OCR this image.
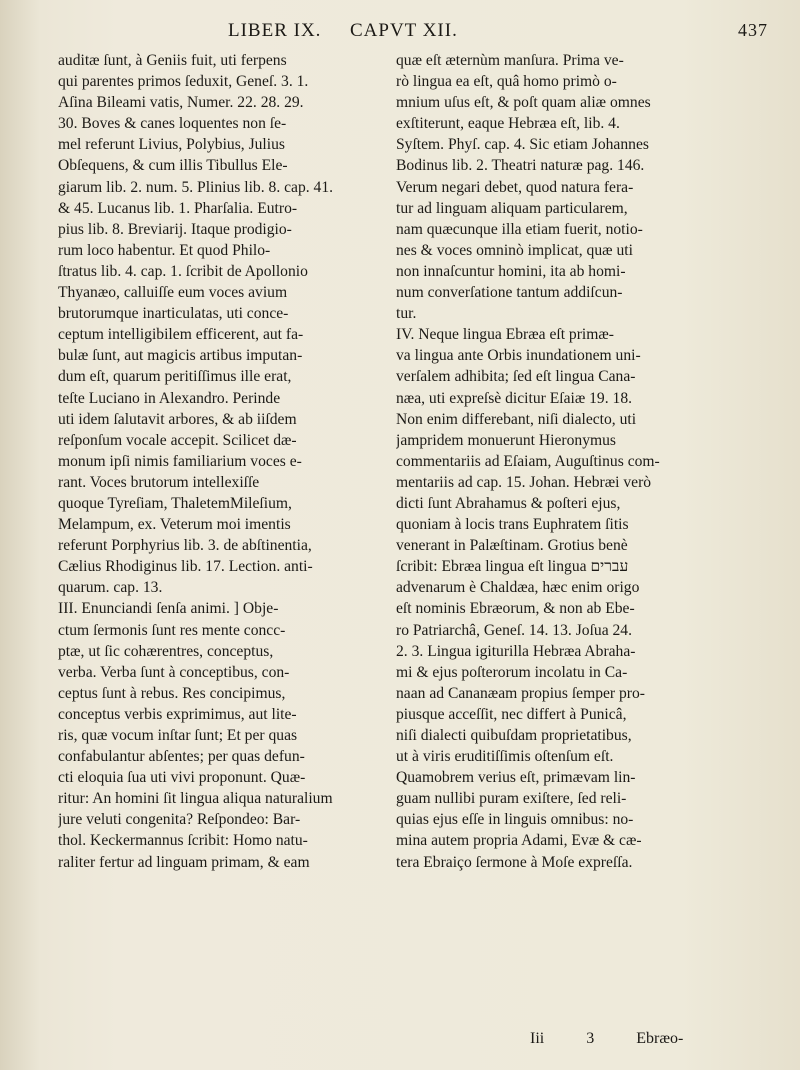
LIBER IX. CAPVT XII.	437
auditæ ſunt, à Geniis fuit, uti ferpens
qui parentes primos ſeduxit, Geneſ. 3. 1.
Aſina Bileami vatis, Numer. 22. 28. 29.
30. Boves & canes loquentes non ſe-
mel referunt Livius, Polybius, Julius
Obſequens, & cum illis Tibullus Ele-
giarum lib. 2. num. 5. Plinius lib. 8. cap. 41.
& 45. Lucanus lib. 1. Pharſalia. Eutro-
pius lib. 8. Breviarij. Itaque prodigio-
rum loco habentur. Et quod Philo-
ſtratus lib. 4. cap. 1. ſcribit de Apollonio
Thyanæo, calluiſſe eum voces avium
brutorumque inarticulatas, uti conce-
ceptum intelligibilem efficerent, aut fa-
bulæ ſunt, aut magicis artibus imputan-
dum eſt, quarum peritiſſimus ille erat,
teſte Luciano in Alexandro. Perinde
uti idem ſalutavit arbores, & ab iiſdem
reſponſum vocale accepit. Scilicet dæ-
monum ipſi nimis familiarium voces e-
rant. Voces brutorum intellexiſſe
quoque Tyreſiam, ThaletemMileſium,
Melampum, ex. Veterum moi imentis
referunt Porphyrius lib. 3. de abſtinentia,
Cælius Rhodiginus lib. 17. Lection. anti-
quarum. cap. 13.
III. Enunciandi ſenſa animi. ] Obje-
ctum ſermonis ſunt res mente concc-
ptæ, ut ſic cohærentres, conceptus,
verba. Verba ſunt à conceptibus, con-
ceptus ſunt à rebus. Res concipimus,
conceptus verbis exprimimus, aut lite-
ris, quæ vocum inſtar ſunt; Et per quas
confabulantur abſentes; per quas defun-
cti eloquia ſua uti vivi proponunt. Quæ-
ritur: An homini ſit lingua aliqua naturalium
jure veluti congenita? Reſpondeo: Bar-
thol. Keckermannus ſcribit: Homo natu-
raliter fertur ad linguam primam, & eam
quæ eſt æternùm manſura. Prima ve-
rò lingua ea eſt, quâ homo primò o-
mnium uſus eſt, & poſt quam aliæ omnes
exſtiterunt, eaque Hebræa eſt, lib. 4.
Syſtem. Phyſ. cap. 4. Sic etiam Johannes
Bodinus lib. 2. Theatri naturæ pag. 146.
Verum negari debet, quod natura fera-
tur ad linguam aliquam particularem,
nam quæcunque illa etiam fuerit, notio-
nes & voces omninò implicat, quæ uti
non innaſcuntur homini, ita ab homi-
num converſatione tantum addiſcun-
tur.
IV. Neque lingua Ebræa eſt primæ-
va lingua ante Orbis inundationem uni-
verſalem adhibita; ſed eſt lingua Cana-
næa, uti expreſsè dicitur Eſaiæ 19. 18.
Non enim differebant, niſi dialecto, uti
jampridem monuerunt Hieronymus
commentariis ad Eſaiam, Auguſtinus com-
mentariis ad cap. 15. Johan. Hebræi verò
dicti ſunt Abrahamus & poſteri ejus,
quoniam à locis trans Euphratem ſitis
venerant in Palæſtinam. Grotius benè
ſcribit: Ebræa lingua eſt lingua עברים
advenarum è Chaldæa, hæc enim origo
eſt nominis Ebræorum, & non ab Ebe-
ro Patriarchâ, Geneſ. 14. 13. Joſua 24.
2. 3. Lingua igiturilla Hebræa Abraha-
mi & ejus poſterorum incolatu in Ca-
naan ad Cananæam propius ſemper pro-
piusque acceſſit, nec differt à Punicâ,
niſi dialecti quibuſdam proprietatibus,
ut à viris eruditiſſimis oſtenſum eſt.
Quamobrem verius eſt, primævam lin-
guam nullibi puram exiſtere, ſed reli-
quias ejus eſſe in linguis omnibus: no-
mina autem propria Adami, Evæ & cæ-
tera Ebraiço ſermone à Moſe expreſſa.
Iii	3	Ebræo-
